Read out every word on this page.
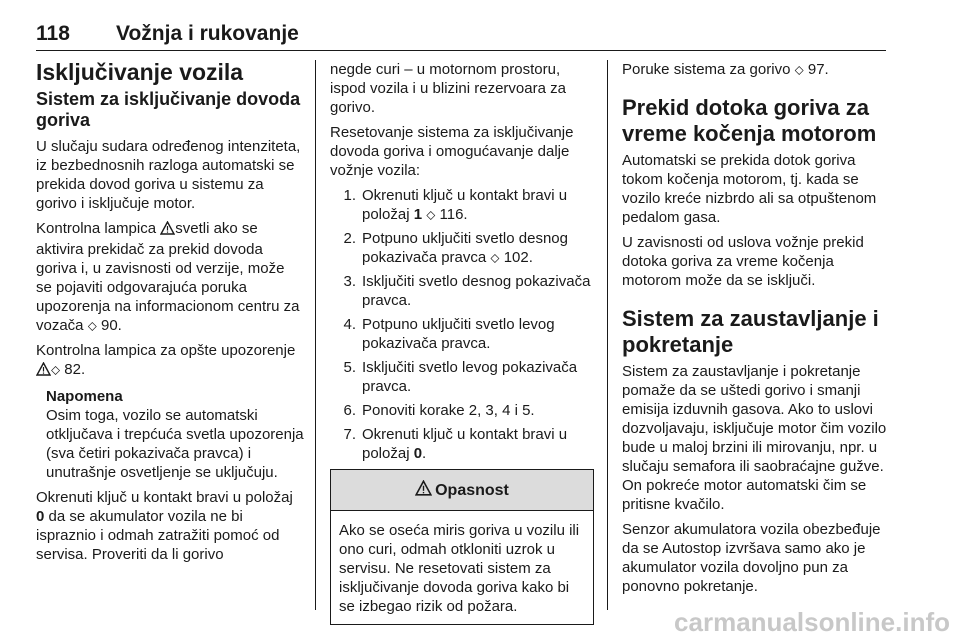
118 Vožnja i rukovanje
Isključivanje vozila
Sistem za isključivanje dovoda goriva

U slučaju sudara određenog intenziteta, iz bezbednosnih razloga automatski se prekida dovod goriva u sistemu za gorivo i isključuje motor.

Kontrolna lampica svetli ako se aktivira prekidač za prekid dovoda goriva i, u zavisnosti od verzije, može se pojaviti odgovarajuća poruka upozorenja na informacionom centru za vozača ⬦ 90.

Kontrolna lampica za opšte upozorenje ⬦ 82.

Napomena
Osim toga, vozilo se automatski otključava i trepćuća svetla upozorenja (sva četiri pokazivača pravca) i unutrašnje osvetljenje se uključuju.

Okrenuti ključ u kontakt bravi u položaj 0 da se akumulator vozila ne bi ispraznio i odmah zatražiti pomoć od servisa. Proveriti da li gorivo

negde curi – u motornom prostoru, ispod vozila i u blizini rezervoara za gorivo.

Resetovanje sistema za isključivanje dovoda goriva i omogućavanje dalje vožnje vozila:

1. Okrenuti ključ u kontakt bravi u položaj 1 ⬦ 116.
2. Potpuno uključiti svetlo desnog pokazivača pravca ⬦ 102.
3. Isključiti svetlo desnog pokazivača pravca.
4. Potpuno uključiti svetlo levog pokazivača pravca.
5. Isključiti svetlo levog pokazivača pravca.
6. Ponoviti korake 2, 3, 4 i 5.
7. Okrenuti ključ u kontakt bravi u položaj 0.
Opasnost
Ako se oseća miris goriva u vozilu ili ono curi, odmah otkloniti uzrok u servisu. Ne resetovati sistem za isključivanje dovoda goriva kako bi se izbegao rizik od požara.

Poruke sistema za gorivo ⬦ 97.

Prekid dotoka goriva za vreme kočenja motorom

Automatski se prekida dotok goriva tokom kočenja motorom, tj. kada se vozilo kreće nizbrdo ali sa otpuštenom pedalom gasa.

U zavisnosti od uslova vožnje prekid dotoka goriva za vreme kočenja motorom može da se isključi.

Sistem za zaustavljanje i pokretanje

Sistem za zaustavljanje i pokretanje pomaže da se uštedi gorivo i smanji emisija izduvnih gasova. Ako to uslovi dozvoljavaju, isključuje motor čim vozilo bude u maloj brzini ili mirovanju, npr. u slučaju semafora ili saobraćajne gužve. On pokreće motor automatski čim se pritisne kvačilo.

Senzor akumulatora vozila obezbeđuje da se Autostop izvršava samo ako je akumulator vozila dovoljno pun za ponovno pokretanje.

carmanualsonline.info
